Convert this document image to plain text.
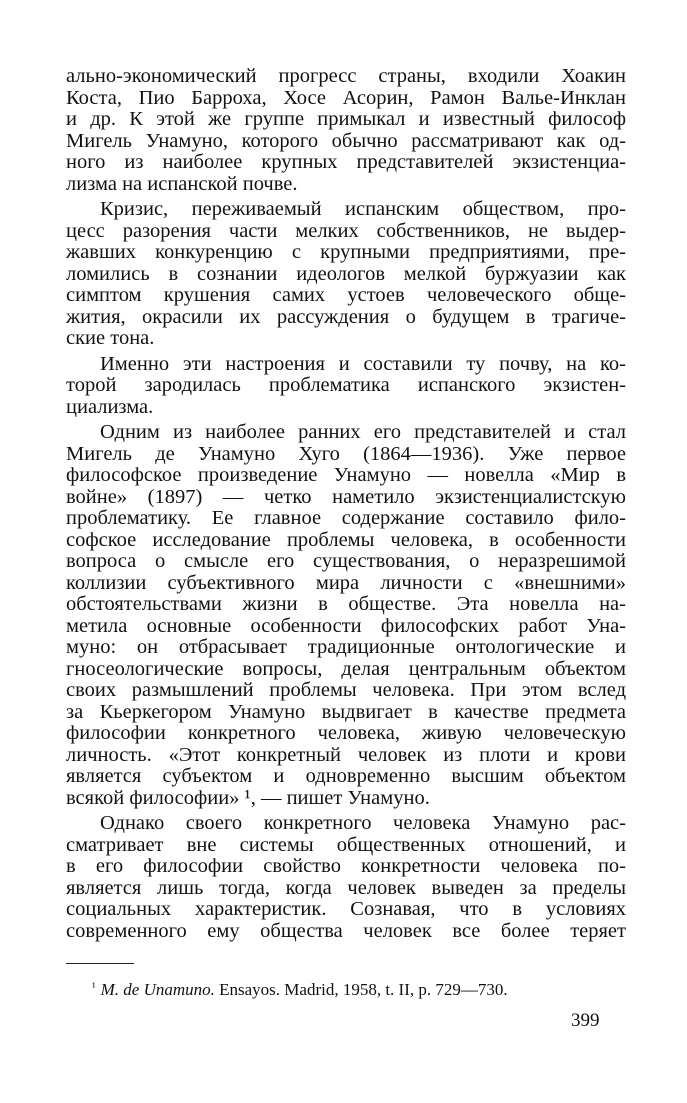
ально-экономический прогресс страны, входили Хоакин
Коста, Пио Барроха, Хосе Асорин, Рамон Валье-Инклан
и др. К этой же группе примыкал и известный философ
Мигель Унамуно, которого обычно рассматривают как од-
ного из наиболее крупных представителей экзистенциа-
лизма на испанской почве.
Кризис, переживаемый испанским обществом, про-
цесс разорения части мелких собственников, не выдер-
жавших конкуренцию с крупными предприятиями, пре-
ломились в сознании идеологов мелкой буржуазии как
симптом крушения самих устоев человеческого обще-
жития, окрасили их рассуждения о будущем в трагиче-
ские тона.
Именно эти настроения и составили ту почву, на ко-
торой зародилась проблематика испанского экзистен-
циализма.
Одним из наиболее ранних его представителей и стал
Мигель де Унамуно Хуго (1864—1936). Уже первое
философское произведение Унамуно — новелла «Мир в
войне» (1897) — четко наметило экзистенциалистскую
проблематику. Ее главное содержание составило фило-
софское исследование проблемы человека, в особенности
вопроса о смысле его существования, о неразрешимой
коллизии субъективного мира личности с «внешними»
обстоятельствами жизни в обществе. Эта новелла на-
метила основные особенности философских работ Уна-
муно: он отбрасывает традиционные онтологические и
гносеологические вопросы, делая центральным объектом
своих размышлений проблемы человека. При этом вслед
за Кьеркегором Унамуно выдвигает в качестве предмета
философии конкретного человека, живую человеческую
личность. «Этот конкретный человек из плоти и крови
является субъектом и одновременно высшим объектом
всякой философии» ¹, — пишет Унамуно.
Однако своего конкретного человека Унамуно рас-
сматривает вне системы общественных отношений, и
в его философии свойство конкретности человека по-
является лишь тогда, когда человек выведен за пределы
социальных характеристик. Сознавая, что в условиях
современного ему общества человек все более теряет
$^{^1}$ M. de Unamuno. Ensayos. Madrid, 1958, t. II, p. 729—730.
399
